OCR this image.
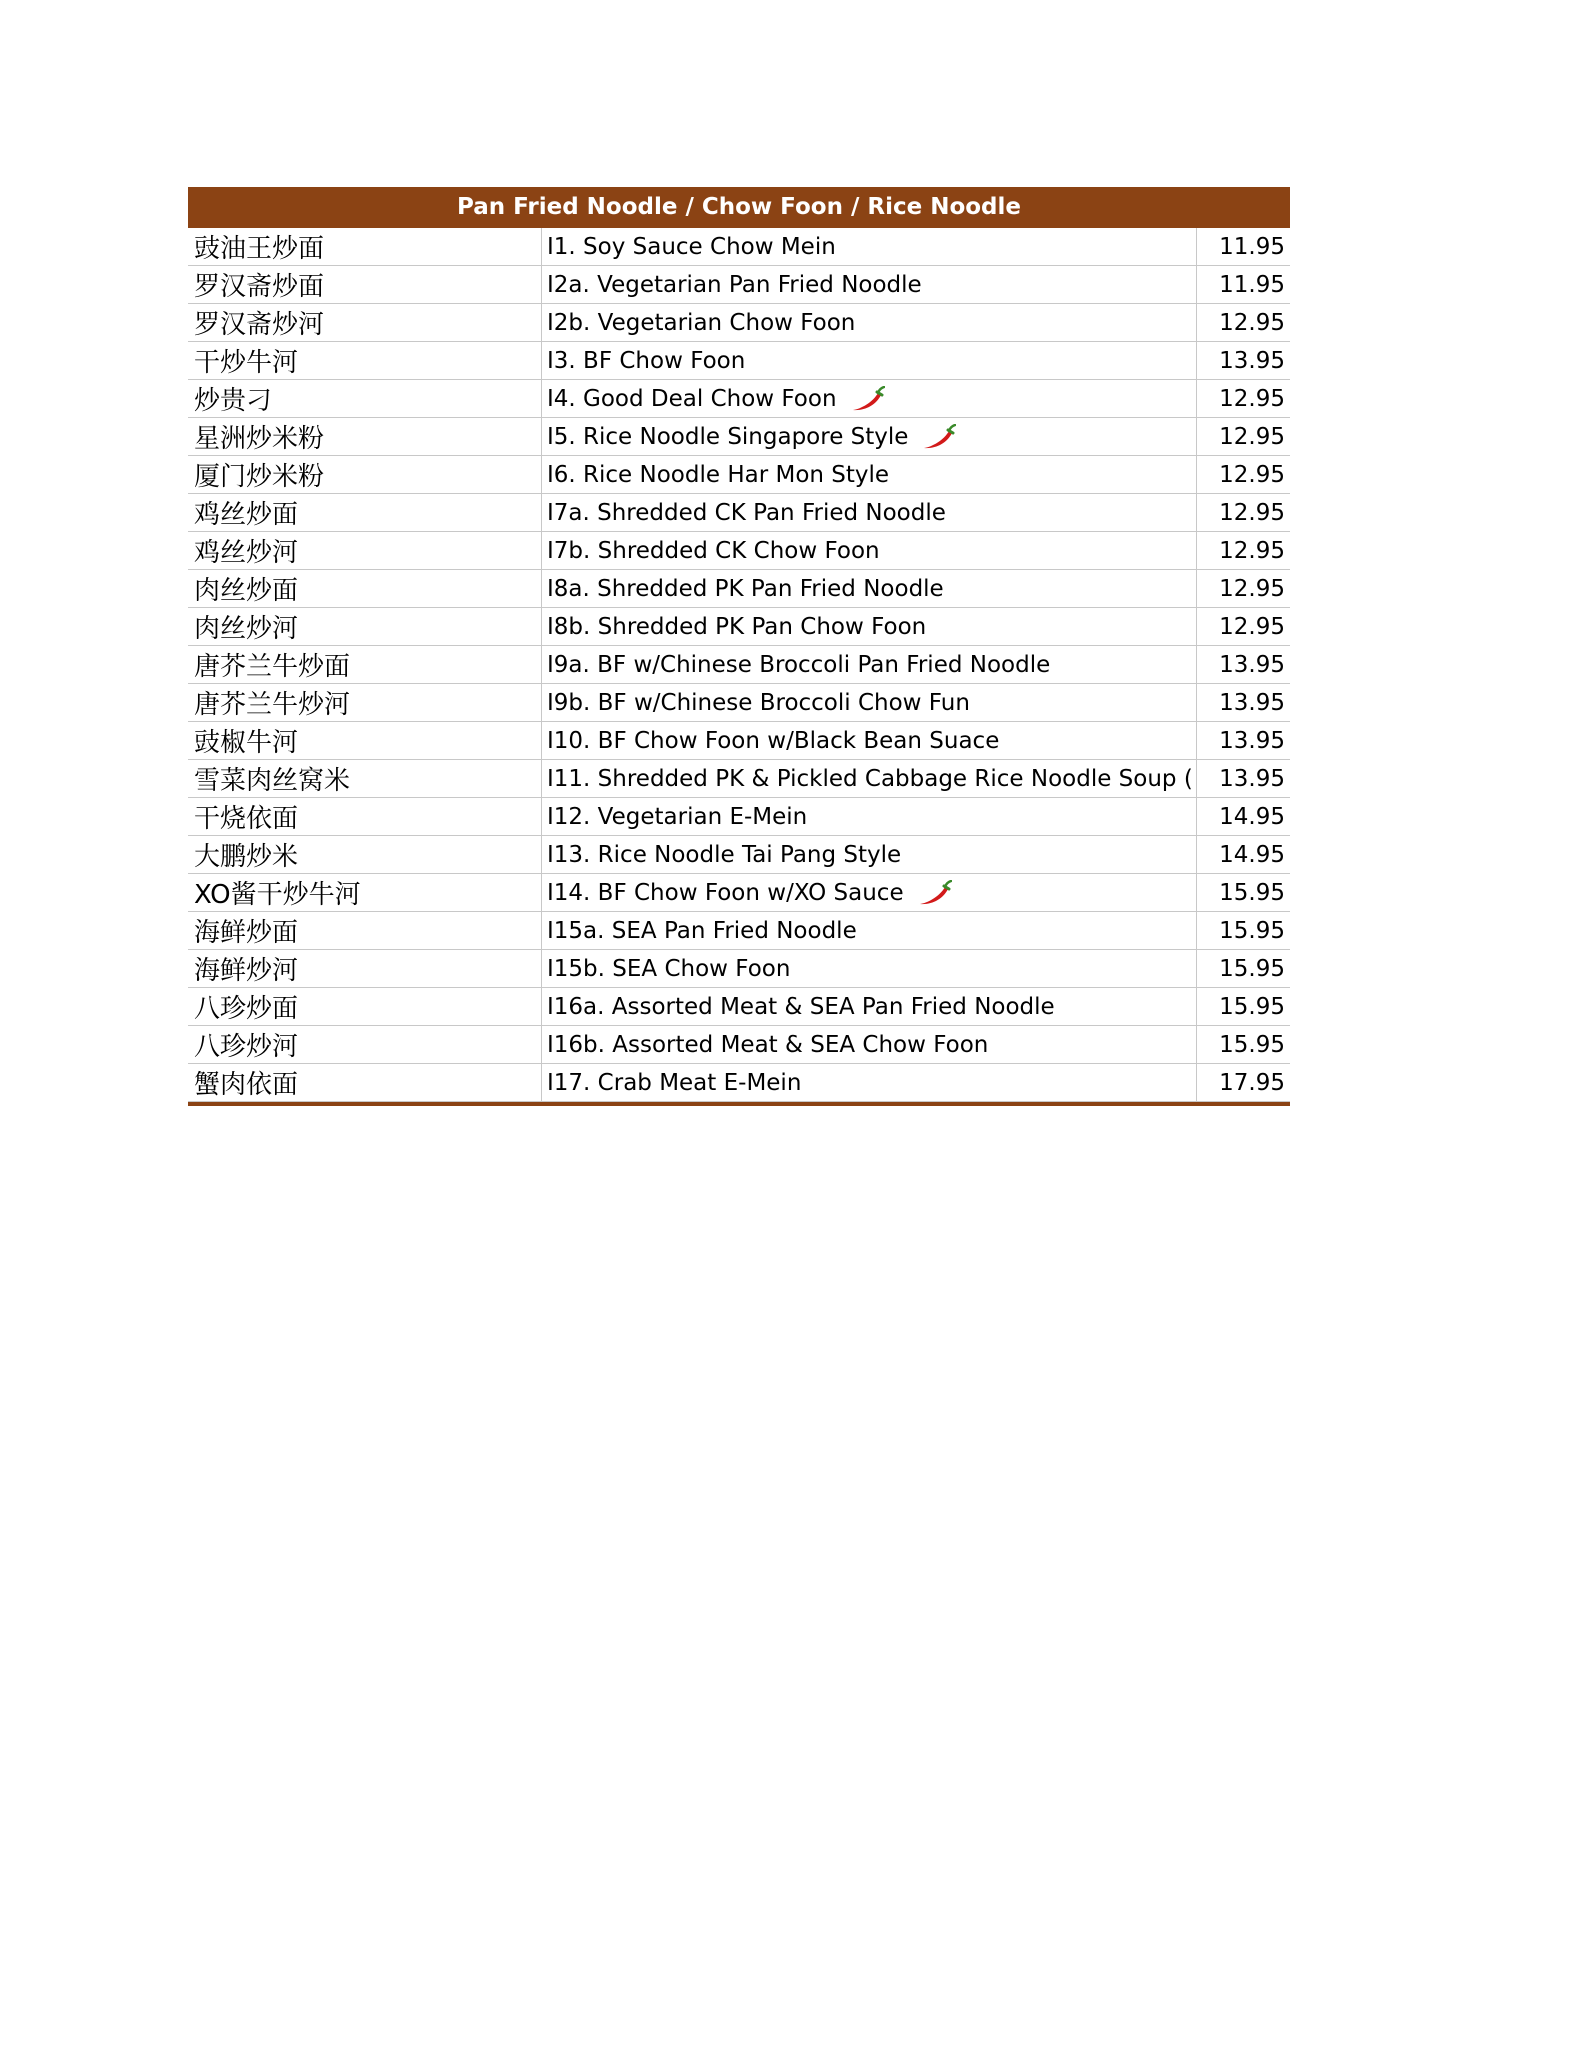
Pan Fried Noodle / Chow Foon / Rice Noodle
豉油王炒面	I1. Soy Sauce Chow Mein	11.95
罗汉斋炒面	I2a. Vegetarian Pan Fried Noodle	11.95
罗汉斋炒河	I2b. Vegetarian Chow Foon	12.95
干炒牛河	I3. BF Chow Foon	13.95
炒贵刁	I4. Good Deal Chow Foon	12.95
星洲炒米粉	I5. Rice Noodle Singapore Style	12.95
厦门炒米粉	I6. Rice Noodle Har Mon Style	12.95
鸡丝炒面	I7a. Shredded CK Pan Fried Noodle	12.95
鸡丝炒河	I7b. Shredded CK Chow Foon	12.95
肉丝炒面	I8a. Shredded PK Pan Fried Noodle	12.95
肉丝炒河	I8b. Shredded PK Pan Chow Foon	12.95
唐芥兰牛炒面	I9a. BF w/Chinese Broccoli Pan Fried Noodle	13.95
唐芥兰牛炒河	I9b. BF w/Chinese Broccoli Chow Fun	13.95
豉椒牛河	I10. BF Chow Foon w/Black Bean Suace	13.95
雪菜肉丝窝米	I11. Shredded PK & Pickled Cabbage Rice Noodle Soup (	13.95
干烧依面	I12. Vegetarian E-Mein	14.95
大鹏炒米	I13. Rice Noodle Tai Pang Style	14.95
XO酱干炒牛河	I14. BF Chow Foon w/XO Sauce	15.95
海鲜炒面	I15a. SEA Pan Fried Noodle	15.95
海鲜炒河	I15b. SEA Chow Foon	15.95
八珍炒面	I16a. Assorted Meat & SEA Pan Fried Noodle	15.95
八珍炒河	I16b. Assorted Meat & SEA Chow Foon	15.95
蟹肉依面	I17. Crab Meat E-Mein	17.95
